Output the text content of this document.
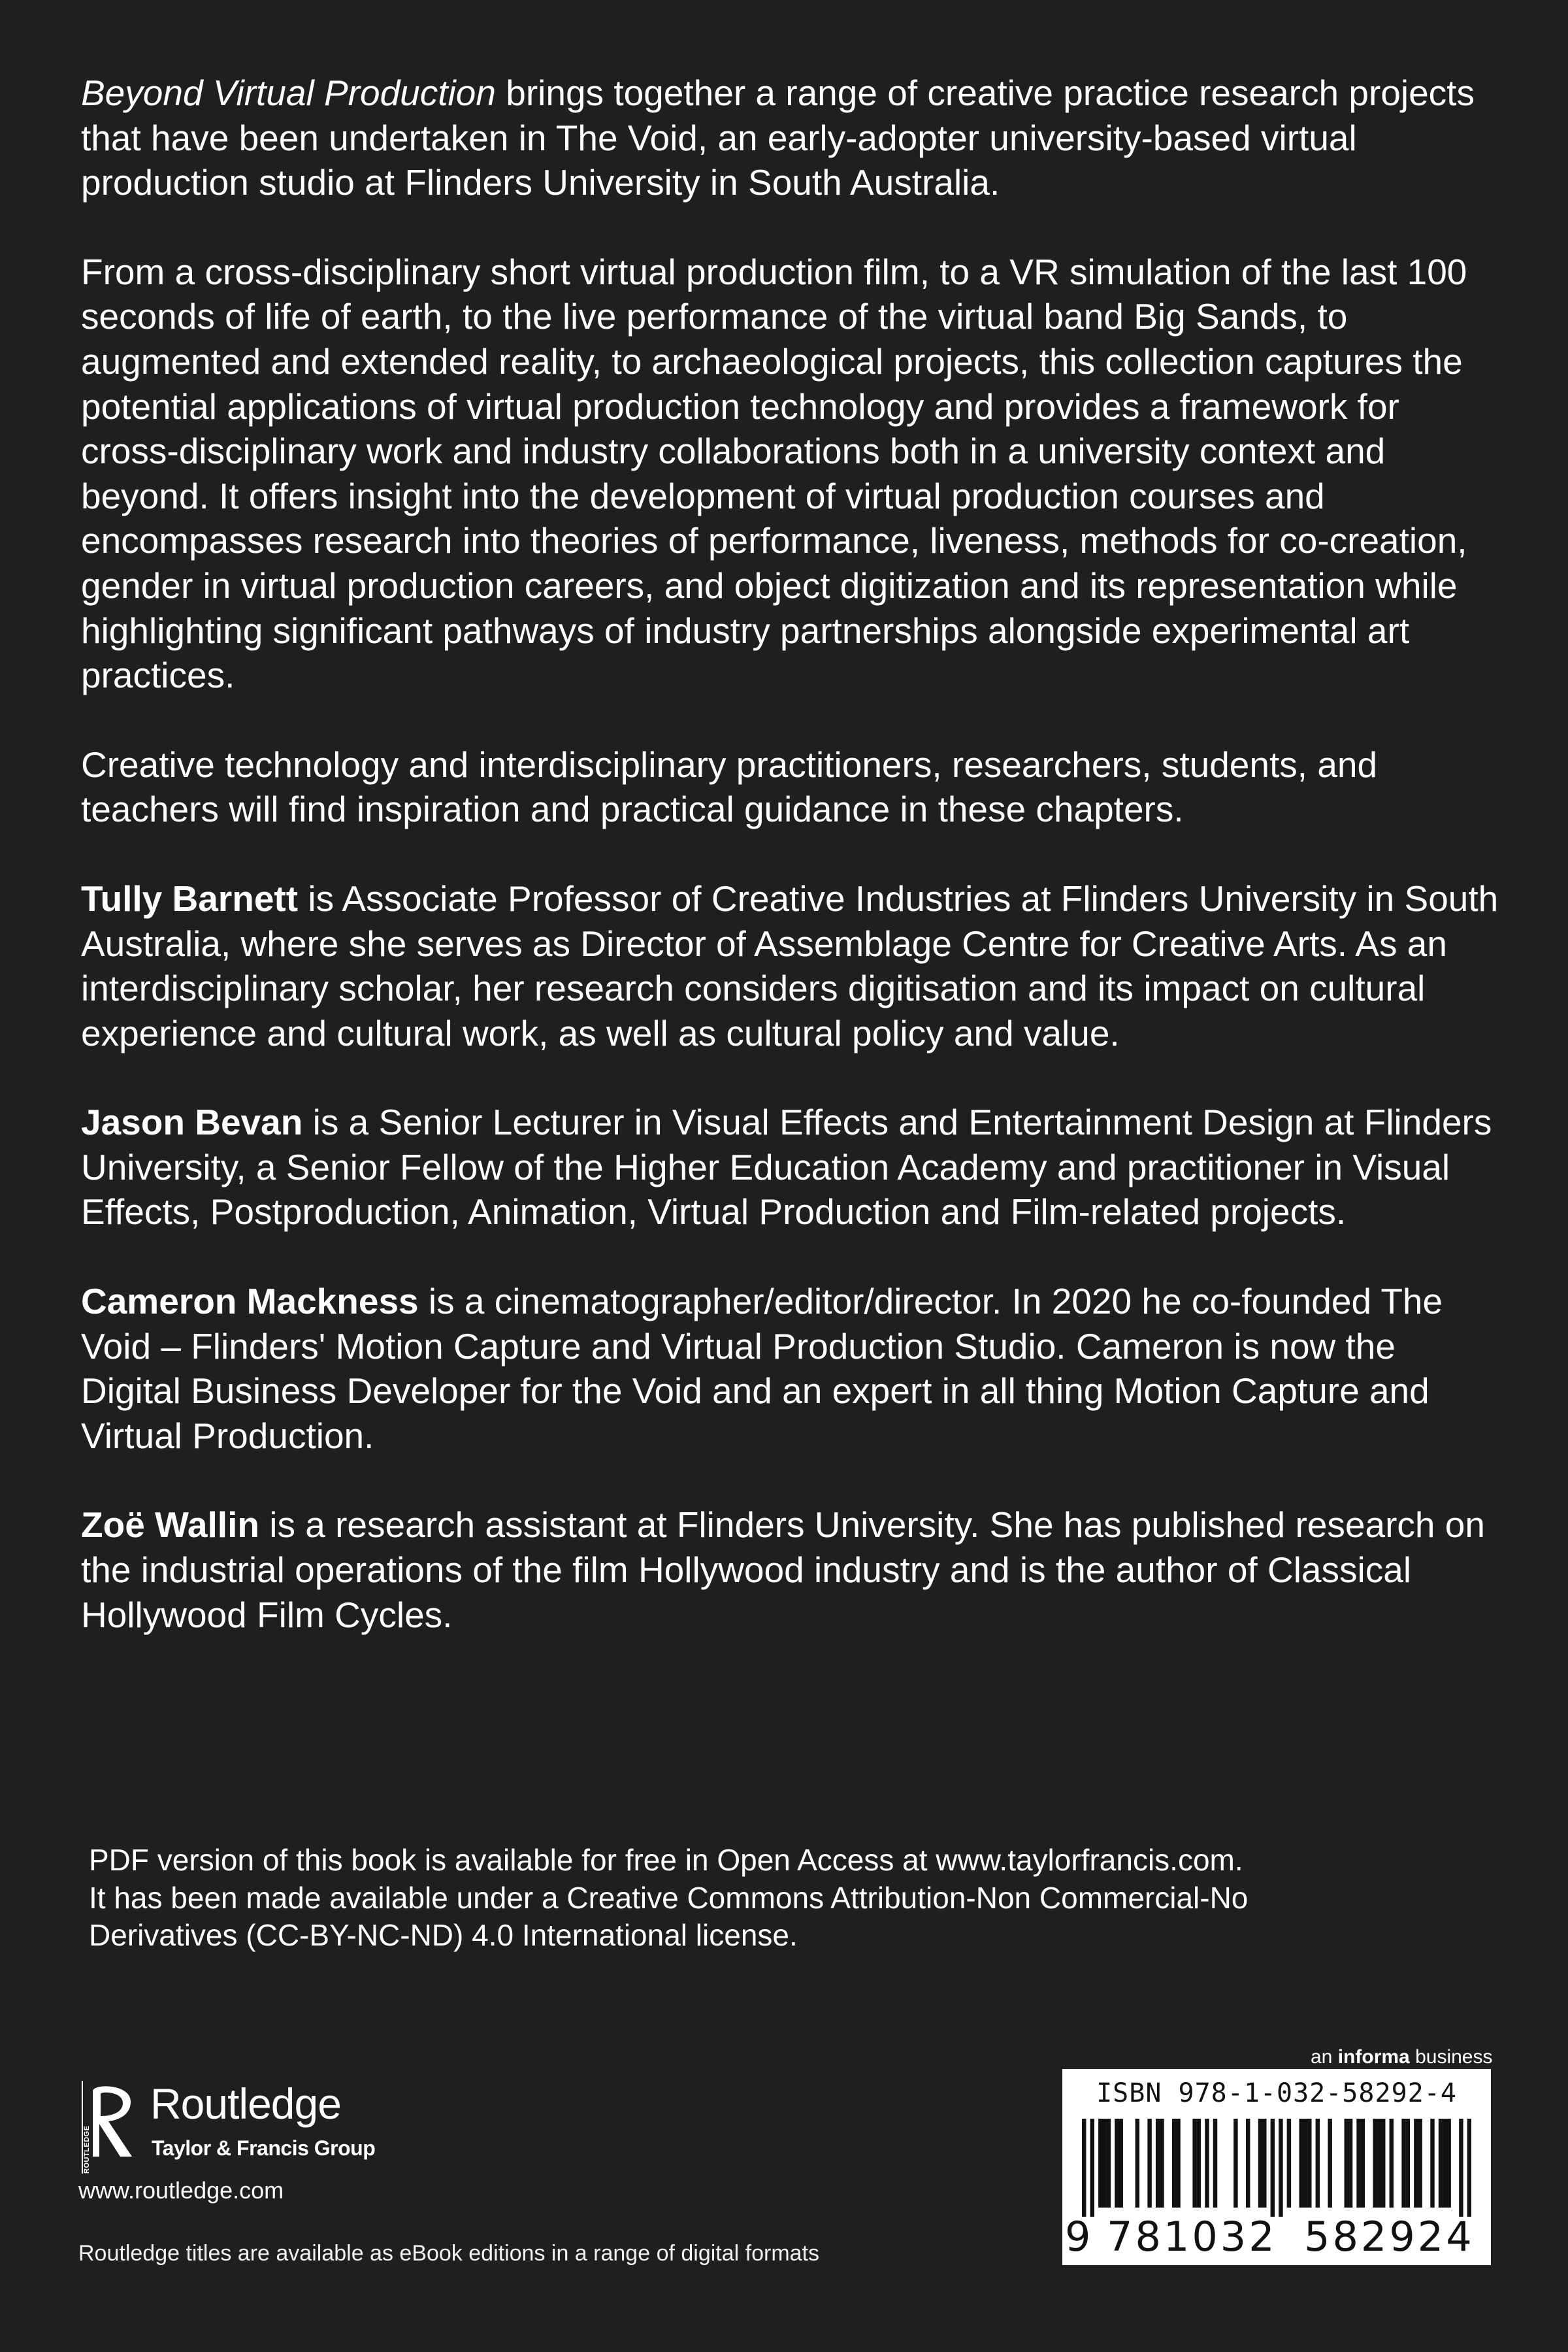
Beyond Virtual Production brings together a range of creative practice research projects that have been undertaken in The Void, an early-adopter university-based virtual production studio at Flinders University in South Australia.

From a cross-disciplinary short virtual production film, to a VR simulation of the last 100 seconds of life of earth, to the live performance of the virtual band Big Sands, to augmented and extended reality, to archaeological projects, this collection captures the potential applications of virtual production technology and provides a framework for cross-disciplinary work and industry collaborations both in a university context and beyond. It offers insight into the development of virtual production courses and encompasses research into theories of performance, liveness, methods for co-creation, gender in virtual production careers, and object digitization and its representation while highlighting significant pathways of industry partnerships alongside experimental art practices.

Creative technology and interdisciplinary practitioners, researchers, students, and teachers will find inspiration and practical guidance in these chapters.

Tully Barnett is Associate Professor of Creative Industries at Flinders University in South Australia, where she serves as Director of Assemblage Centre for Creative Arts. As an interdisciplinary scholar, her research considers digitisation and its impact on cultural experience and cultural work, as well as cultural policy and value.

Jason Bevan is a Senior Lecturer in Visual Effects and Entertainment Design at Flinders University, a Senior Fellow of the Higher Education Academy and practitioner in Visual Effects, Postproduction, Animation, Virtual Production and Film-related projects.

Cameron Mackness is a cinematographer/editor/director. In 2020 he co-founded The Void – Flinders' Motion Capture and Virtual Production Studio. Cameron is now the Digital Business Developer for the Void and an expert in all thing Motion Capture and Virtual Production.

Zoë Wallin is a research assistant at Flinders University. She has published research on the industrial operations of the film Hollywood industry and is the author of Classical Hollywood Film Cycles.

PDF version of this book is available for free in Open Access at www.taylorfrancis.com.
It has been made available under a Creative Commons Attribution-Non Commercial-No
Derivatives (CC-BY-NC-ND) 4.0 International license.
ROUTLEDGE
Routledge
Taylor & Francis Group
www.routledge.com
Routledge titles are available as eBook editions in a range of digital formats
an informa business
ISBN 978-1-032-58292-4
9 781032 582924
